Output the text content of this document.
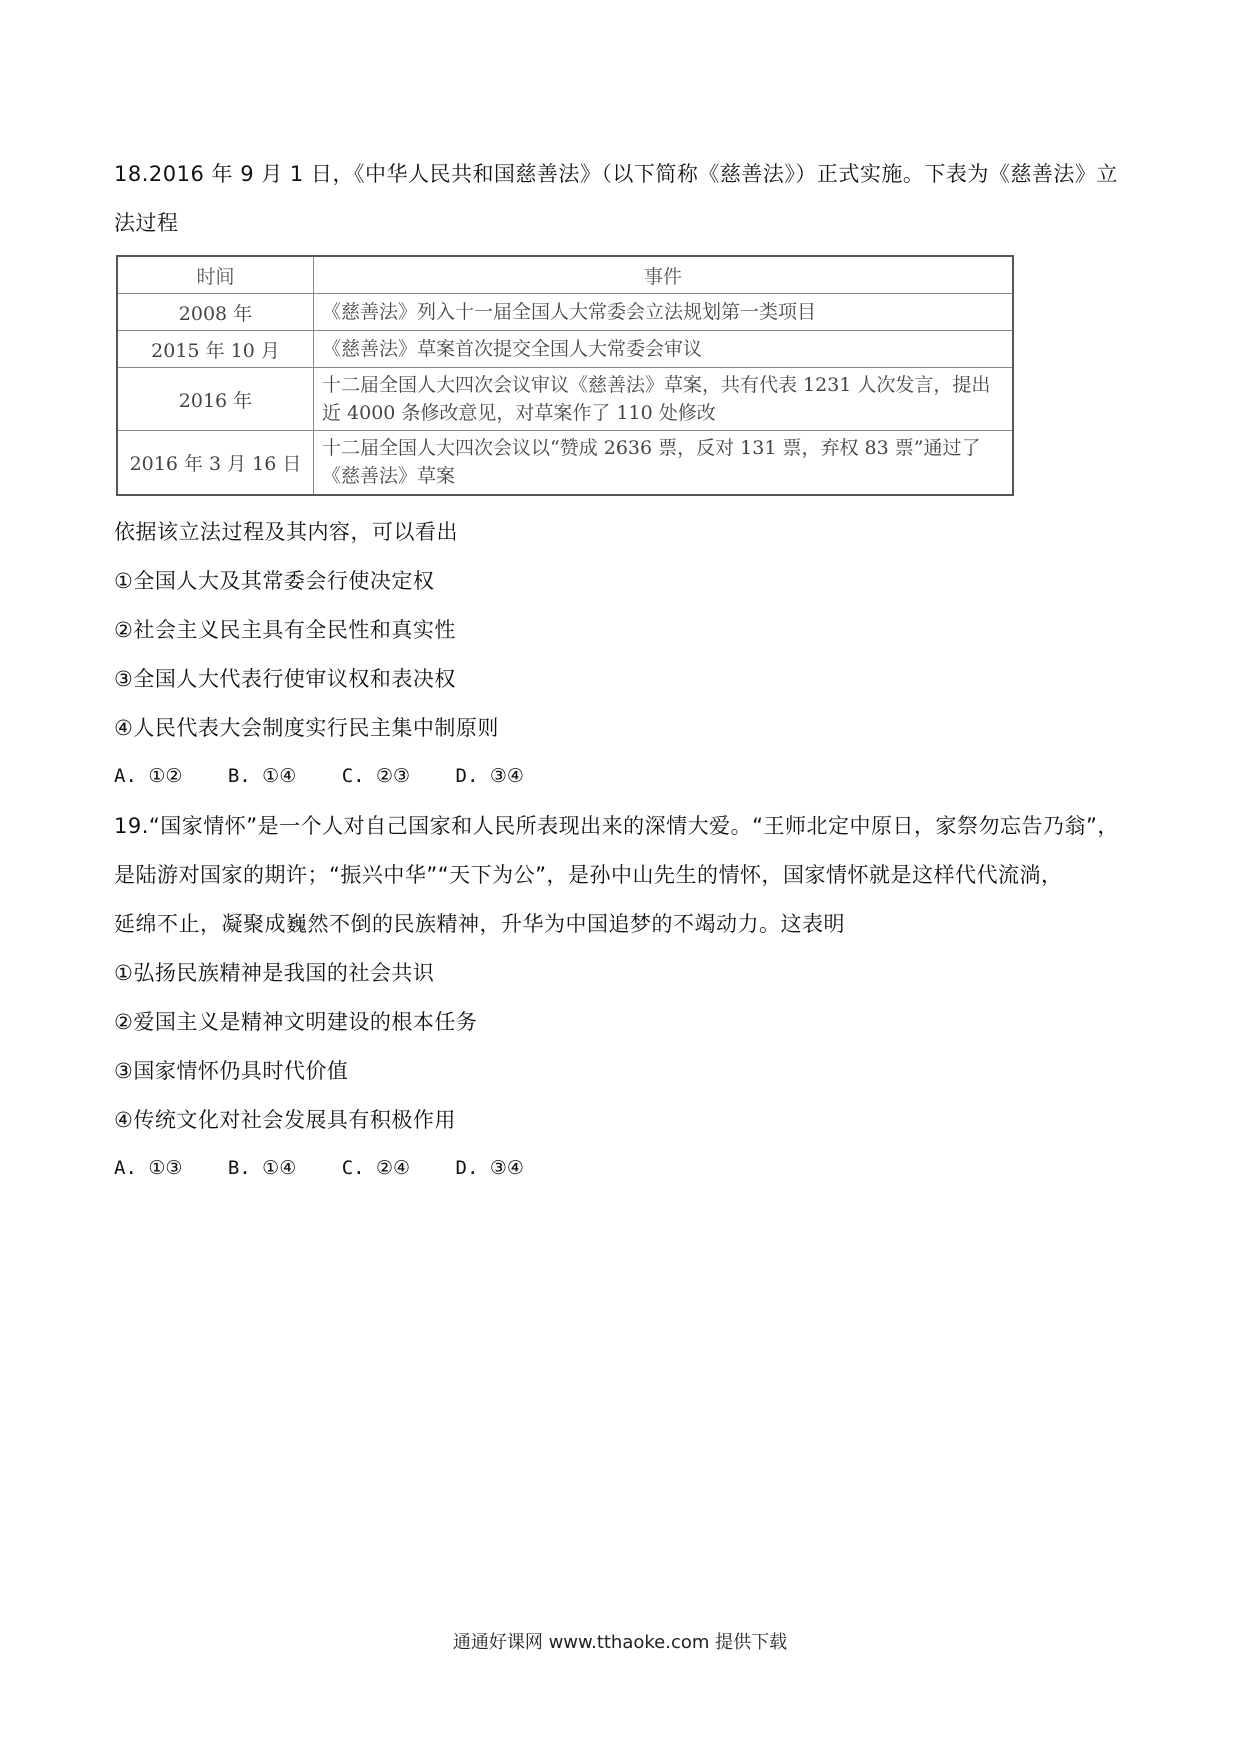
18.2016 年 9 月 1 日，《中华人民共和国慈善法》（以下简称《慈善法》）正式实施。下表为《慈善法》立
法过程
时间	事件
2008 年	《慈善法》列入十一届全国人大常委会立法规划第一类项目
2015 年 10 月	《慈善法》草案首次提交全国人大常委会审议
2016 年	十二届全国人大四次会议审议《慈善法》草案，共有代表 1231 人次发言，提出近 4000 条修改意见，对草案作了 110 处修改
2016 年 3 月 16 日	十二届全国人大四次会议以“赞成 2636 票，反对 131 票，弃权 83 票”通过了《慈善法》草案
依据该立法过程及其内容，可以看出
①全国人大及其常委会行使决定权
②社会主义民主具有全民性和真实性
③全国人大代表行使审议权和表决权
④人民代表大会制度实行民主集中制原则
A. ①② B. ①④ C. ②③ D. ③④
19.“国家情怀”是一个人对自己国家和人民所表现出来的深情大爱。“王师北定中原日，家祭勿忘告乃翁”，
是陆游对国家的期许；“振兴中华”“天下为公”，是孙中山先生的情怀，国家情怀就是这样代代流淌，
延绵不止，凝聚成巍然不倒的民族精神，升华为中国追梦的不竭动力。这表明
①弘扬民族精神是我国的社会共识
②爱国主义是精神文明建设的根本任务
③国家情怀仍具时代价值
④传统文化对社会发展具有积极作用
A. ①③ B. ①④ C. ②④ D. ③④
通通好课网 www.tthaoke.com 提供下载
